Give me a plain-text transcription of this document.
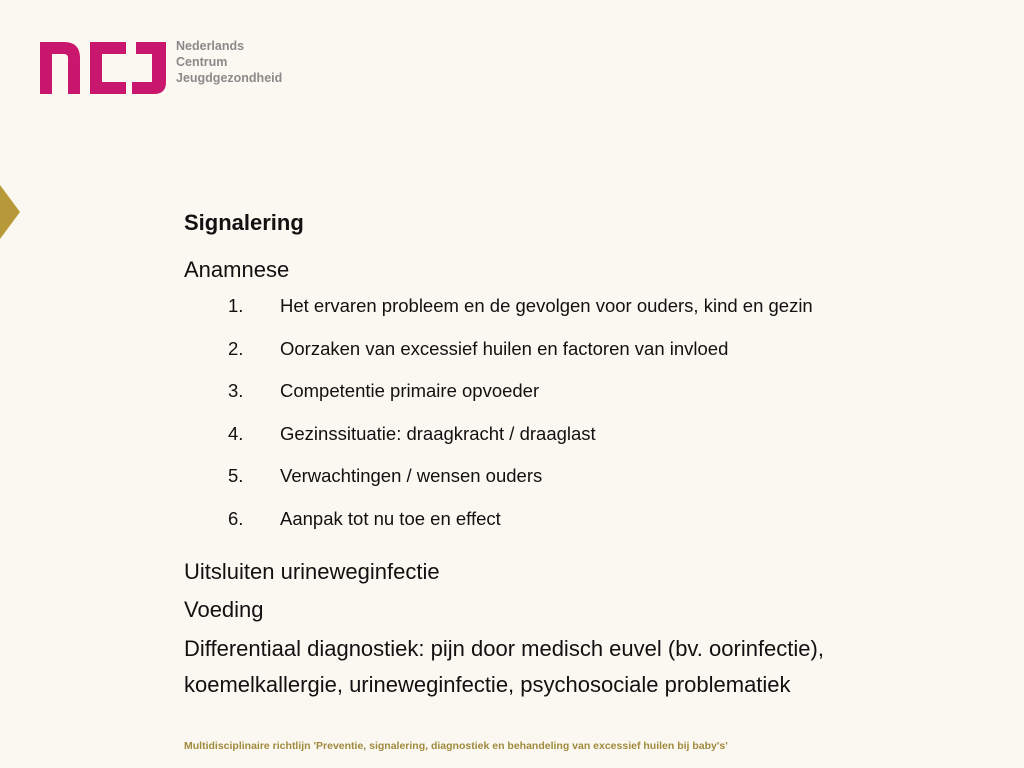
Nederlands
Centrum
Jeugdgezondheid
Signalering
Anamnese
1.	Het ervaren probleem en de gevolgen voor ouders, kind en gezin
2.	Oorzaken van excessief huilen en factoren van invloed
3.	Competentie primaire opvoeder
4.	Gezinssituatie: draagkracht / draaglast
5.	Verwachtingen / wensen ouders
6.	Aanpak tot nu toe en effect
Uitsluiten urineweginfectie
Voeding
Differentiaal diagnostiek: pijn door medisch euvel (bv. oorinfectie),
koemelkallergie, urineweginfectie, psychosociale problematiek
Multidisciplinaire richtlijn 'Preventie, signalering, diagnostiek en behandeling van excessief huilen bij baby's'
